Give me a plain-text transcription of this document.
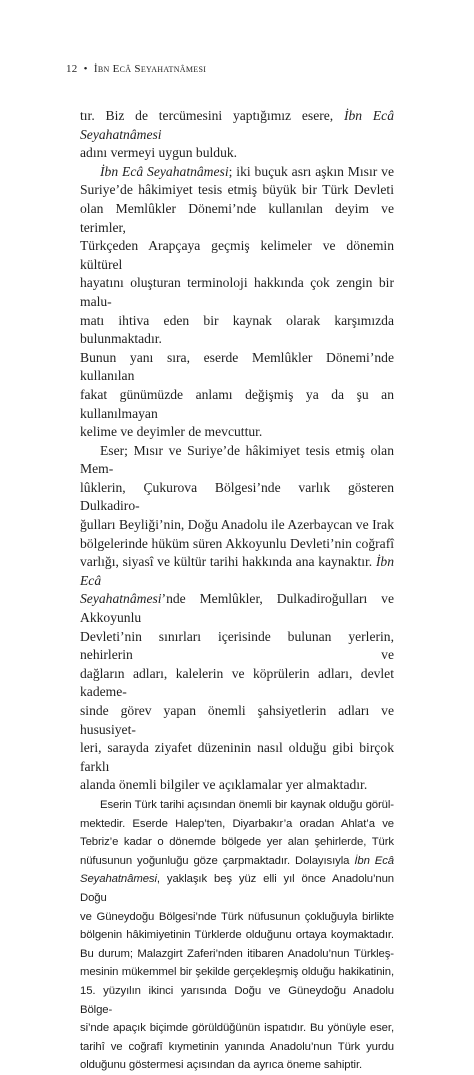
12 • İbn Ecâ Seyahatnâmesi

tır. Biz de tercümesini yaptığımız esere, İbn Ecâ Seyahatnâmesi
adını vermeyi uygun bulduk.

İbn Ecâ Seyahatnâmesi; iki buçuk asrı aşkın Mısır ve
Suriye’de hâkimiyet tesis etmiş büyük bir Türk Devleti
olan Memlûkler Dönemi’nde kullanılan deyim ve terimler,
Türkçeden Arapçaya geçmiş kelimeler ve dönemin kültürel
hayatını oluşturan terminoloji hakkında çok zengin bir malu-
matı ihtiva eden bir kaynak olarak karşımızda bulunmaktadır.
Bunun yanı sıra, eserde Memlûkler Dönemi’nde kullanılan
fakat günümüzde anlamı değişmiş ya da şu an kullanılmayan
kelime ve deyimler de mevcuttur.

Eser; Mısır ve Suriye’de hâkimiyet tesis etmiş olan Mem-
lûklerin, Çukurova Bölgesi’nde varlık gösteren Dulkadiro-
ğulları Beyliği’nin, Doğu Anadolu ile Azerbaycan ve Irak
bölgelerinde hüküm süren Akkoyunlu Devleti’nin coğrafî
varlığı, siyasî ve kültür tarihi hakkında ana kaynaktır. İbn Ecâ
Seyahatnâmesi’nde Memlûkler, Dulkadiroğulları ve Akkoyunlu
Devleti’nin sınırları içerisinde bulunan yerlerin, nehirlerin ve
dağların adları, kalelerin ve köprülerin adları, devlet kademe-
sinde görev yapan önemli şahsiyetlerin adları ve hususiyet-
leri, sarayda ziyafet düzeninin nasıl olduğu gibi birçok farklı
alanda önemli bilgiler ve açıklamalar yer almaktadır.

Eserin Türk tarihi açısından önemli bir kaynak olduğu görül-
mektedir. Eserde Halep’ten, Diyarbakır’a oradan Ahlat’a ve
Tebriz’e kadar o dönemde bölgede yer alan şehirlerde, Türk
nüfusunun yoğunluğu göze çarpmaktadır. Dolayısıyla İbn Ecâ
Seyahatnâmesi, yaklaşık beş yüz elli yıl önce Anadolu’nun Doğu
ve Güneydoğu Bölgesi’nde Türk nüfusunun çokluğuyla birlikte
bölgenin hâkimiyetinin Türklerde olduğunu ortaya koymaktadır.
Bu durum; Malazgirt Zaferi’nden itibaren Anadolu’nun Türkleş-
mesinin mükemmel bir şekilde gerçekleşmiş olduğu hakikatinin,
15. yüzyılın ikinci yarısında Doğu ve Güneydoğu Anadolu Bölge-
si’nde apaçık biçimde görüldüğünün ispatıdır. Bu yönüyle eser,
tarihî ve coğrafî kıymetinin yanında Anadolu’nun Türk yurdu
olduğunu göstermesi açısından da ayrıca öneme sahiptir.
